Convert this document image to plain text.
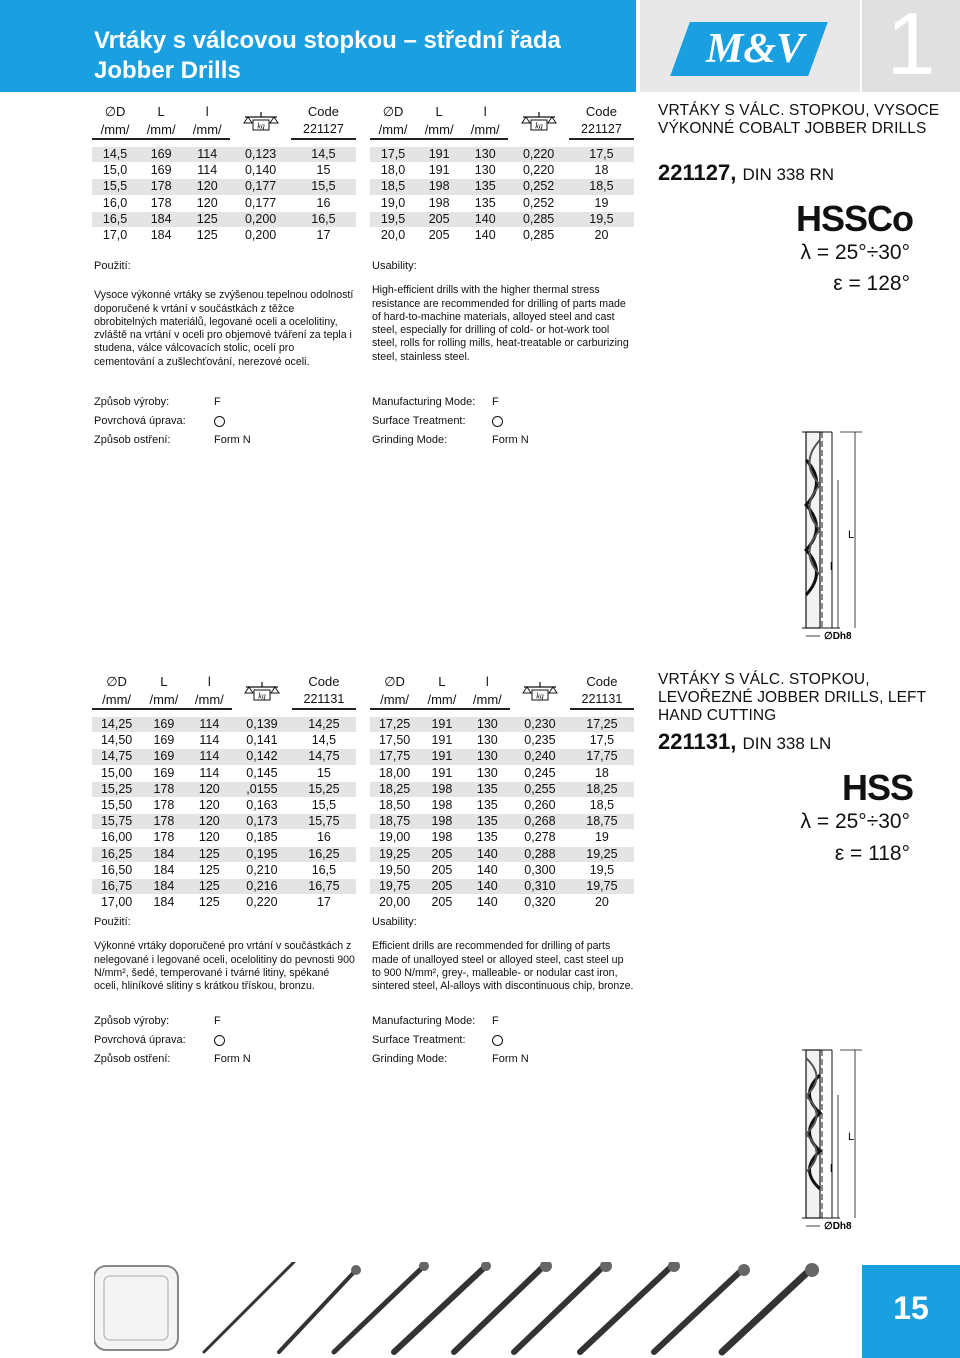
Vrtáky s válcovou stopkou – střední řada
Jobber Drills	M&V 1
∅D	L	l	kg	Code
/mm/	/mm/	/mm/		221127

14,5	169	114	0,123	14,5
15,0	169	114	0,140	15
15,5	178	120	0,177	15,5
16,0	178	120	0,177	16
16,5	184	125	0,200	16,5
17,0	184	125	0,200	17
∅D	L	l	kg	Code
/mm/	/mm/	/mm/		221127

17,5	191	130	0,220	17,5
18,0	191	130	0,220	18
18,5	198	135	0,252	18,5
19,0	198	135	0,252	19
19,5	205	140	0,285	19,5
20,0	205	140	0,285	20
Použití:
Vysoce výkonné vrtáky se zvýšenou tepelnou odolností doporučené k vrtání v součástkách z těžce obrobitelných materiálů, legované oceli a ocelolitiny, zvláště na vrtání v oceli pro objemové tváření za tepla i studena, válce válcovacích stolic, ocelí pro cementování a zušlechťování, nerezové oceli.
Usability:
High-efficient drills with the higher thermal stress resistance are recommended for drilling of parts made of hard-to-machine materials, alloyed steel and cast steel, especially for drilling of cold- or hot-work tool steel, rolls for rolling mills, heat-treatable or carburizing steel, stainless steel.
Způsob výroby:	F
Povrchová úprava:
Způsob ostření:	Form N
Manufacturing Mode: F
Surface Treatment:
Grinding Mode:	Form N
VRTÁKY S VÁLC. STOPKOU, VYSOCE VÝKONNÉ COBALT JOBBER DRILLS
221127, DIN 338 RN
HSSCo
λ = 25°÷30°
ε = 128°
L
l
∅Dh8
∅D	L	l	kg	Code
/mm/	/mm/	/mm/		221131

14,25	169	114	0,139	14,25
14,50	169	114	0,141	14,5
14,75	169	114	0,142	14,75
15,00	169	114	0,145	15
15,25	178	120	,0155	15,25
15,50	178	120	0,163	15,5
15,75	178	120	0,173	15,75
16,00	178	120	0,185	16
16,25	184	125	0,195	16,25
16,50	184	125	0,210	16,5
16,75	184	125	0,216	16,75
17,00	184	125	0,220	17
∅D	L	l	kg	Code
/mm/	/mm/	/mm/		221131

17,25	191	130	0,230	17,25
17,50	191	130	0,235	17,5
17,75	191	130	0,240	17,75
18,00	191	130	0,245	18
18,25	198	135	0,255	18,25
18,50	198	135	0,260	18,5
18,75	198	135	0,268	18,75
19,00	198	135	0,278	19
19,25	205	140	0,288	19,25
19,50	205	140	0,300	19,5
19,75	205	140	0,310	19,75
20,00	205	140	0,320	20
Použití:
Výkonné vrtáky doporučené pro vrtání v součástkách z nelegované i legované oceli, ocelolitiny do pevnosti 900 N/mm², šedé, temperované i tvárné litiny, spékané oceli, hliníkové slitiny s krátkou třískou, bronzu.
Usability:
Efficient drills are recommended for drilling of parts made of unalloyed steel or alloyed steel, cast steel up to 900 N/mm², grey-, malleable- or nodular cast iron, sintered steel, Al-alloys with discontinuous chip, bronze.
Způsob výroby:	F
Povrchová úprava:
Způsob ostření:	Form N
Manufacturing Mode: F
Surface Treatment:
Grinding Mode:	Form N
VRTÁKY S VÁLC. STOPKOU, LEVOŘEZNÉ JOBBER DRILLS, LEFT HAND CUTTING
221131, DIN 338 LN
HSS
λ = 25°÷30°
ε = 118°
L
l
∅Dh8
15
